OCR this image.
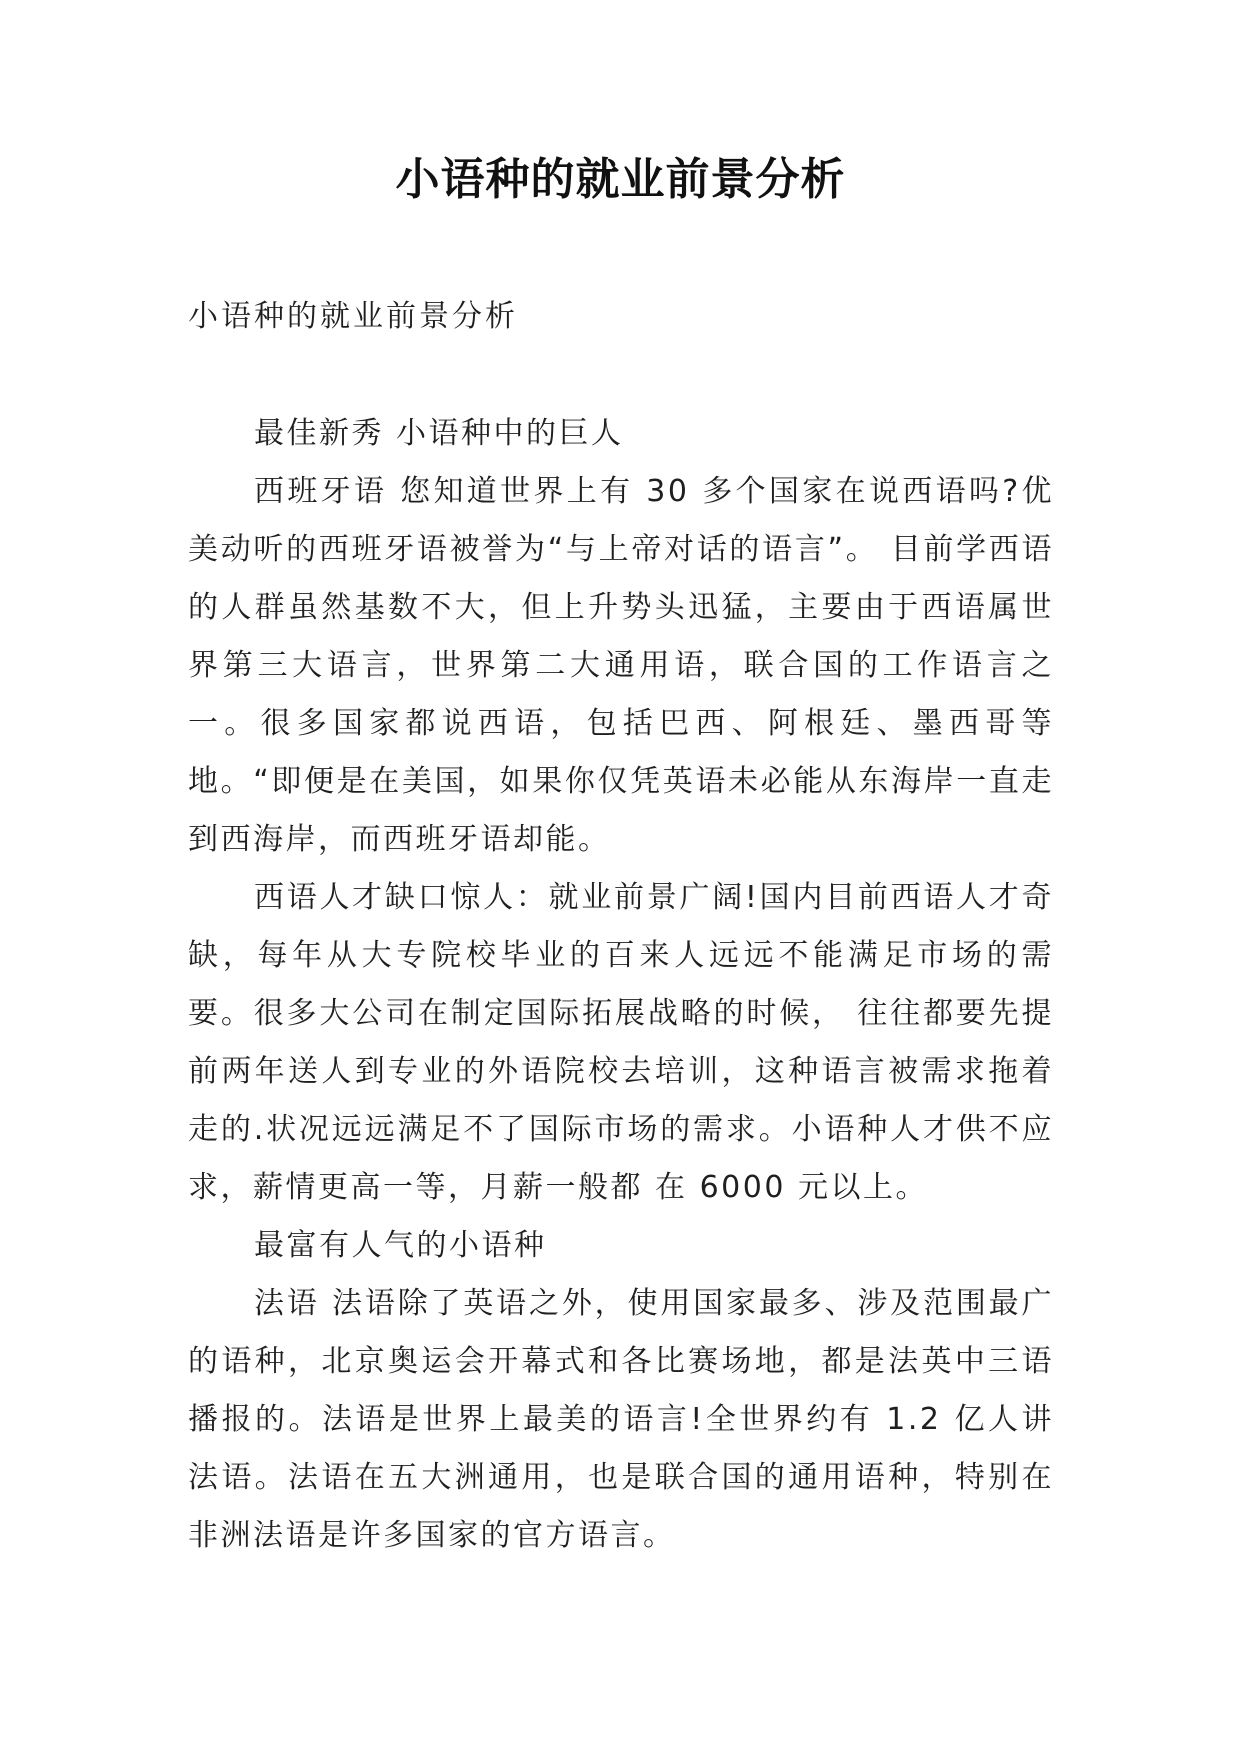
小语种的就业前景分析
小语种的就业前景分析

最佳新秀 小语种中的巨人

西班牙语 您知道世界上有 30 多个国家在说西语吗?优美动听的西班牙语被誉为“与上帝对话的语言”。 目前学西语的人群虽然基数不大，但上升势头迅猛，主要由于西语属世界第三大语言，世界第二大通用语，联合国的工作语言之一。很多国家都说西语，包括巴西、阿根廷、墨西哥等地。“即便是在美国，如果你仅凭英语未必能从东海岸一直走到西海岸，而西班牙语却能。

西语人才缺口惊人：就业前景广阔!国内目前西语人才奇缺，每年从大专院校毕业的百来人远远不能满足市场的需要。很多大公司在制定国际拓展战略的时候， 往往都要先提前两年送人到专业的外语院校去培训，这种语言被需求拖着走的.状况远远满足不了国际市场的需求。小语种人才供不应求，薪情更高一等，月薪一般都 在 6000 元以上。

最富有人气的小语种

法语 法语除了英语之外，使用国家最多、涉及范围最广的语种，北京奥运会开幕式和各比赛场地，都是法英中三语播报的。法语是世界上最美的语言!全世界约有 1.2 亿人讲法语。法语在五大洲通用，也是联合国的通用语种，特别在非洲法语是许多国家的官方语言。
